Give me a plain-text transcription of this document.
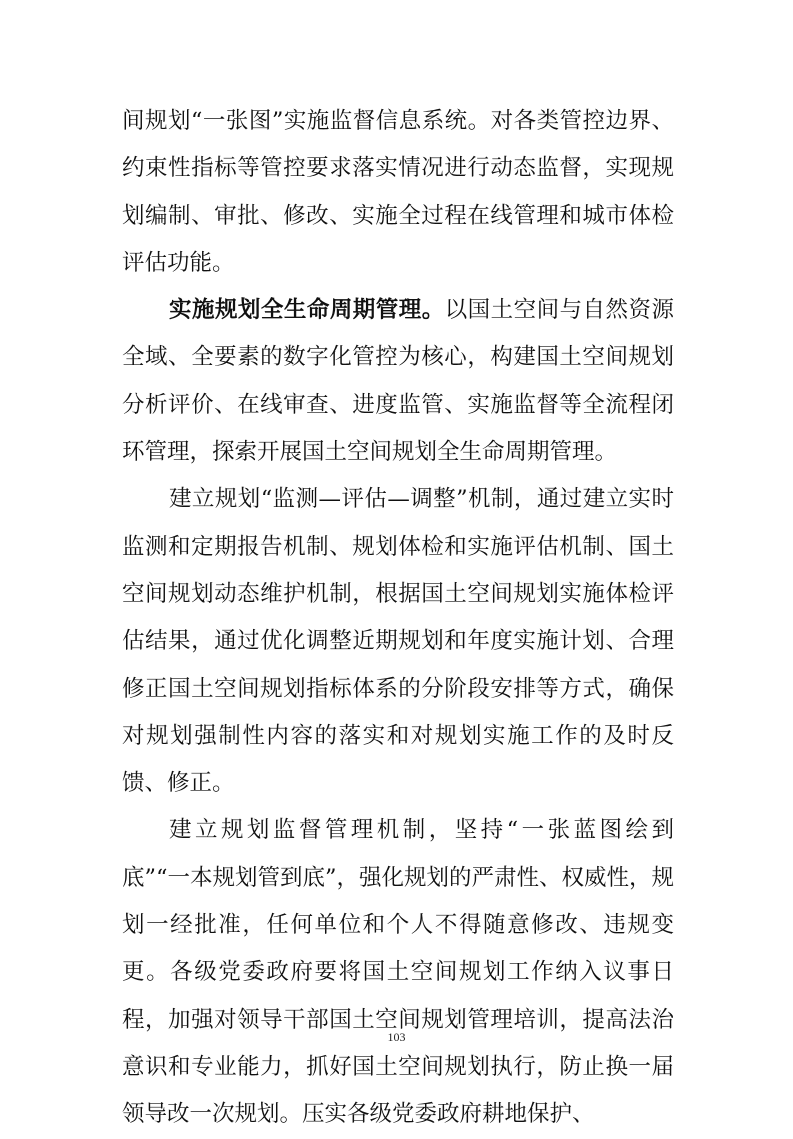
间规划“一张图”实施监督信息系统。对各类管控边界、约束性指标等管控要求落实情况进行动态监督，实现规划编制、审批、修改、实施全过程在线管理和城市体检评估功能。

实施规划全生命周期管理。以国土空间与自然资源全域、全要素的数字化管控为核心，构建国土空间规划分析评价、在线审查、进度监管、实施监督等全流程闭环管理，探索开展国土空间规划全生命周期管理。

建立规划“监测—评估—调整”机制，通过建立实时监测和定期报告机制、规划体检和实施评估机制、国土空间规划动态维护机制，根据国土空间规划实施体检评估结果，通过优化调整近期规划和年度实施计划、合理修正国土空间规划指标体系的分阶段安排等方式，确保对规划强制性内容的落实和对规划实施工作的及时反馈、修正。

建立规划监督管理机制，坚持“一张蓝图绘到底”“一本规划管到底”，强化规划的严肃性、权威性，规划一经批准，任何单位和个人不得随意修改、违规变更。各级党委政府要将国土空间规划工作纳入议事日程，加强对领导干部国土空间规划管理培训，提高法治意识和专业能力，抓好国土空间规划执行，防止换一届领导改一次规划。压实各级党委政府耕地保护、

103
